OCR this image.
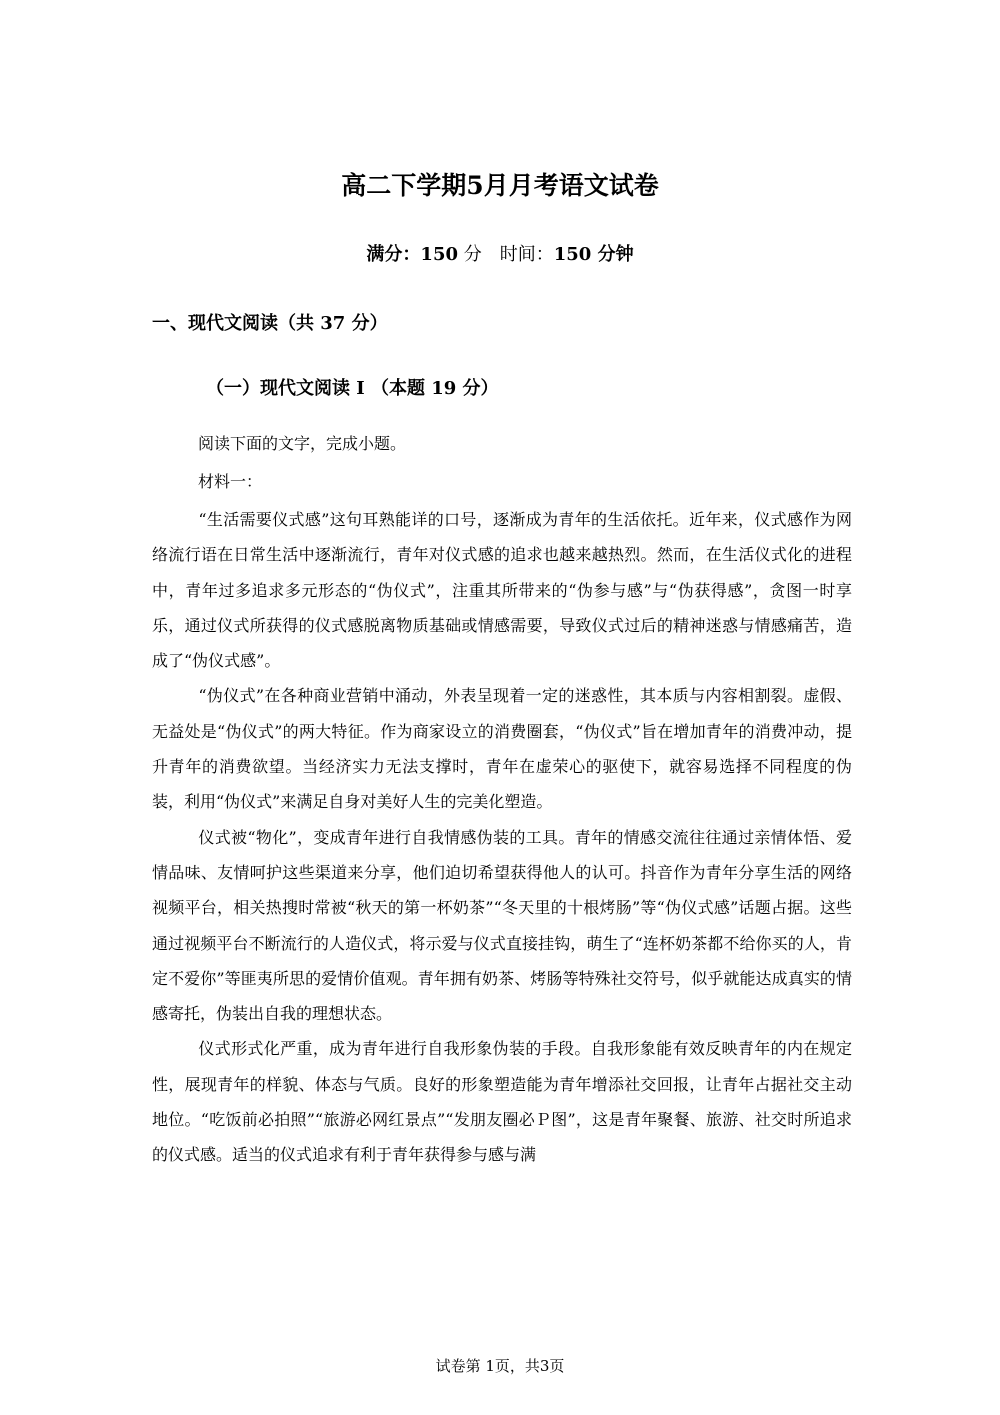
高二下学期5月月考语文试卷
满分：150 分 时间：150 分钟
一、现代文阅读（共 37 分）
（一）现代文阅读 I （本题 19 分）
阅读下面的文字，完成小题。
材料一：

“生活需要仪式感”这句耳熟能详的口号，逐渐成为青年的生活依托。近年来，仪式感作为网络流行语在日常生活中逐渐流行，青年对仪式感的追求也越来越热烈。然而，在生活仪式化的进程中，青年过多追求多元形态的“伪仪式”，注重其所带来的“伪参与感”与“伪获得感”，贪图一时享乐，通过仪式所获得的仪式感脱离物质基础或情感需要，导致仪式过后的精神迷惑与情感痛苦，造成了“伪仪式感”。

“伪仪式”在各种商业营销中涌动，外表呈现着一定的迷惑性，其本质与内容相割裂。虚假、无益处是“伪仪式”的两大特征。作为商家设立的消费圈套，“伪仪式”旨在增加青年的消费冲动，提升青年的消费欲望。当经济实力无法支撑时，青年在虚荣心的驱使下，就容易选择不同程度的伪装，利用“伪仪式”来满足自身对美好人生的完美化塑造。

仪式被“物化”，变成青年进行自我情感伪装的工具。青年的情感交流往往通过亲情体悟、爱情品味、友情呵护这些渠道来分享，他们迫切希望获得他人的认可。抖音作为青年分享生活的网络视频平台，相关热搜时常被“秋天的第一杯奶茶”“冬天里的十根烤肠”等“伪仪式感”话题占据。这些通过视频平台不断流行的人造仪式，将示爱与仪式直接挂钩，萌生了“连杯奶茶都不给你买的人，肯定不爱你”等匪夷所思的爱情价值观。青年拥有奶茶、烤肠等特殊社交符号，似乎就能达成真实的情感寄托，伪装出自我的理想状态。

仪式形式化严重，成为青年进行自我形象伪装的手段。自我形象能有效反映青年的内在规定性，展现青年的样貌、体态与气质。良好的形象塑造能为青年增添社交回报，让青年占据社交主动地位。“吃饭前必拍照”“旅游必网红景点”“发朋友圈必Ｐ图”，这是青年聚餐、旅游、社交时所追求的仪式感。适当的仪式追求有利于青年获得参与感与满

试卷第 1页，共3页
